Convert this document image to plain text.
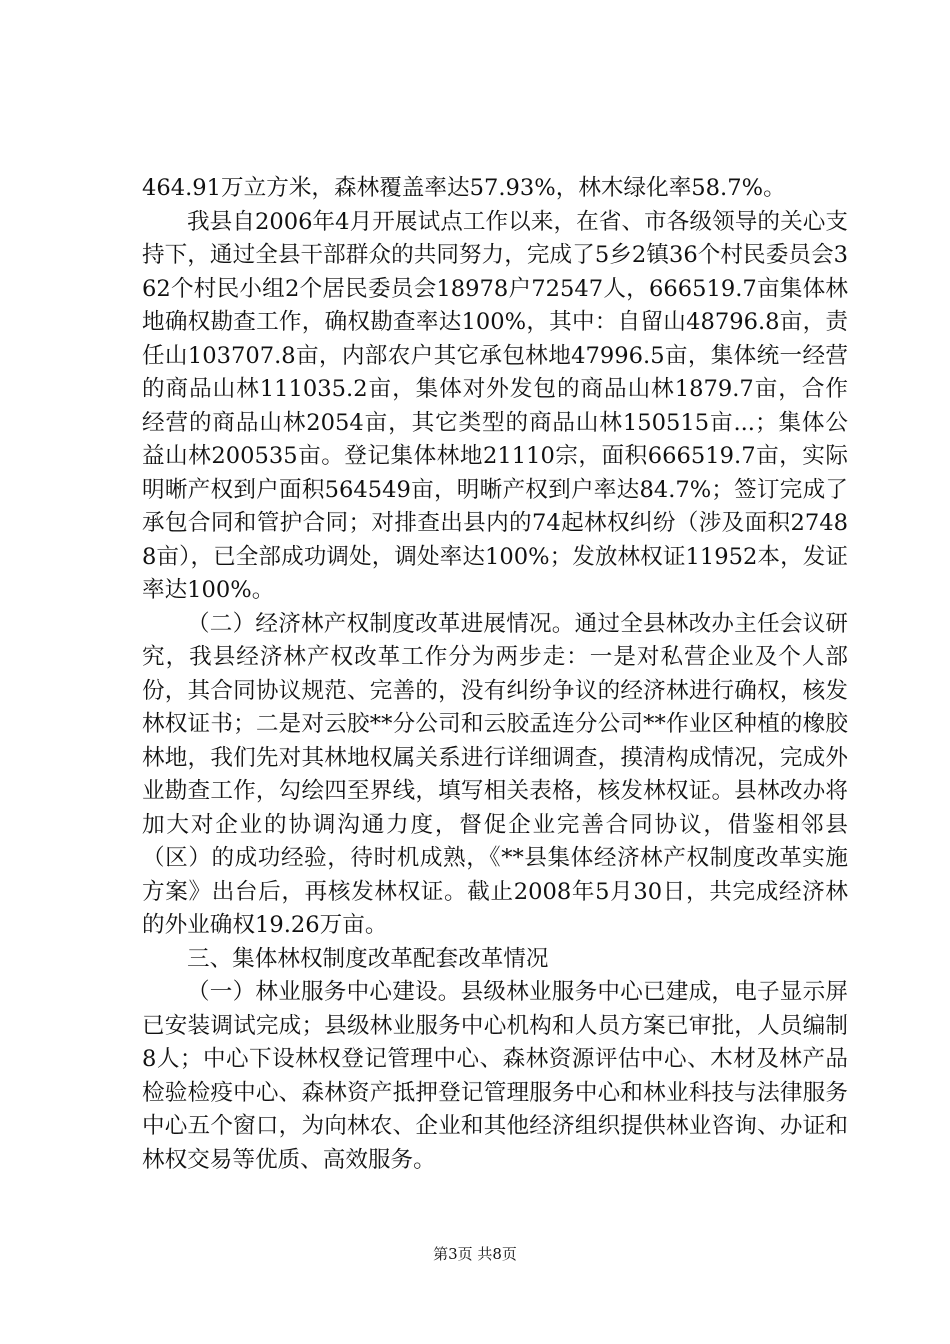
464.91万立方米，森林覆盖率达57.93%，林木绿化率58.7%。

我县自2006年4月开展试点工作以来，在省、市各级领导的关心支持下，通过全县干部群众的共同努力，完成了5乡2镇36个村民委员会362个村民小组2个居民委员会18978户72547人，666519.7亩集体林地确权勘查工作，确权勘查率达100%，其中：自留山48796.8亩，责任山103707.8亩，内部农户其它承包林地47996.5亩，集体统一经营的商品山林111035.2亩，集体对外发包的商品山林1879.7亩，合作经营的商品山林2054亩，其它类型的商品山林150515亩...；集体公益山林200535亩。登记集体林地21110宗，面积666519.7亩，实际明晰产权到户面积564549亩，明晰产权到户率达84.7%；签订完成了承包合同和管护合同；对排查出县内的74起林权纠纷（涉及面积27488亩），已全部成功调处，调处率达100%；发放林权证11952本，发证率达100%。

（二）经济林产权制度改革进展情况。通过全县林改办主任会议研究，我县经济林产权改革工作分为两步走：一是对私营企业及个人部份，其合同协议规范、完善的，没有纠纷争议的经济林进行确权，核发林权证书；二是对云胶**分公司和云胶孟连分公司**作业区种植的橡胶林地，我们先对其林地权属关系进行详细调查，摸清构成情况，完成外业勘查工作，勾绘四至界线，填写相关表格，核发林权证。县林改办将加大对企业的协调沟通力度，督促企业完善合同协议，借鉴相邻县（区）的成功经验，待时机成熟，《**县集体经济林产权制度改革实施方案》出台后，再核发林权证。截止2008年5月30日，共完成经济林的外业确权19.26万亩。

三、集体林权制度改革配套改革情况

（一）林业服务中心建设。县级林业服务中心已建成，电子显示屏已安装调试完成；县级林业服务中心机构和人员方案已审批，人员编制8人；中心下设林权登记管理中心、森林资源评估中心、木材及林产品检验检疫中心、森林资产抵押登记管理服务中心和林业科技与法律服务中心五个窗口，为向林农、企业和其他经济组织提供林业咨询、办证和林权交易等优质、高效服务。

第3页 共8页
